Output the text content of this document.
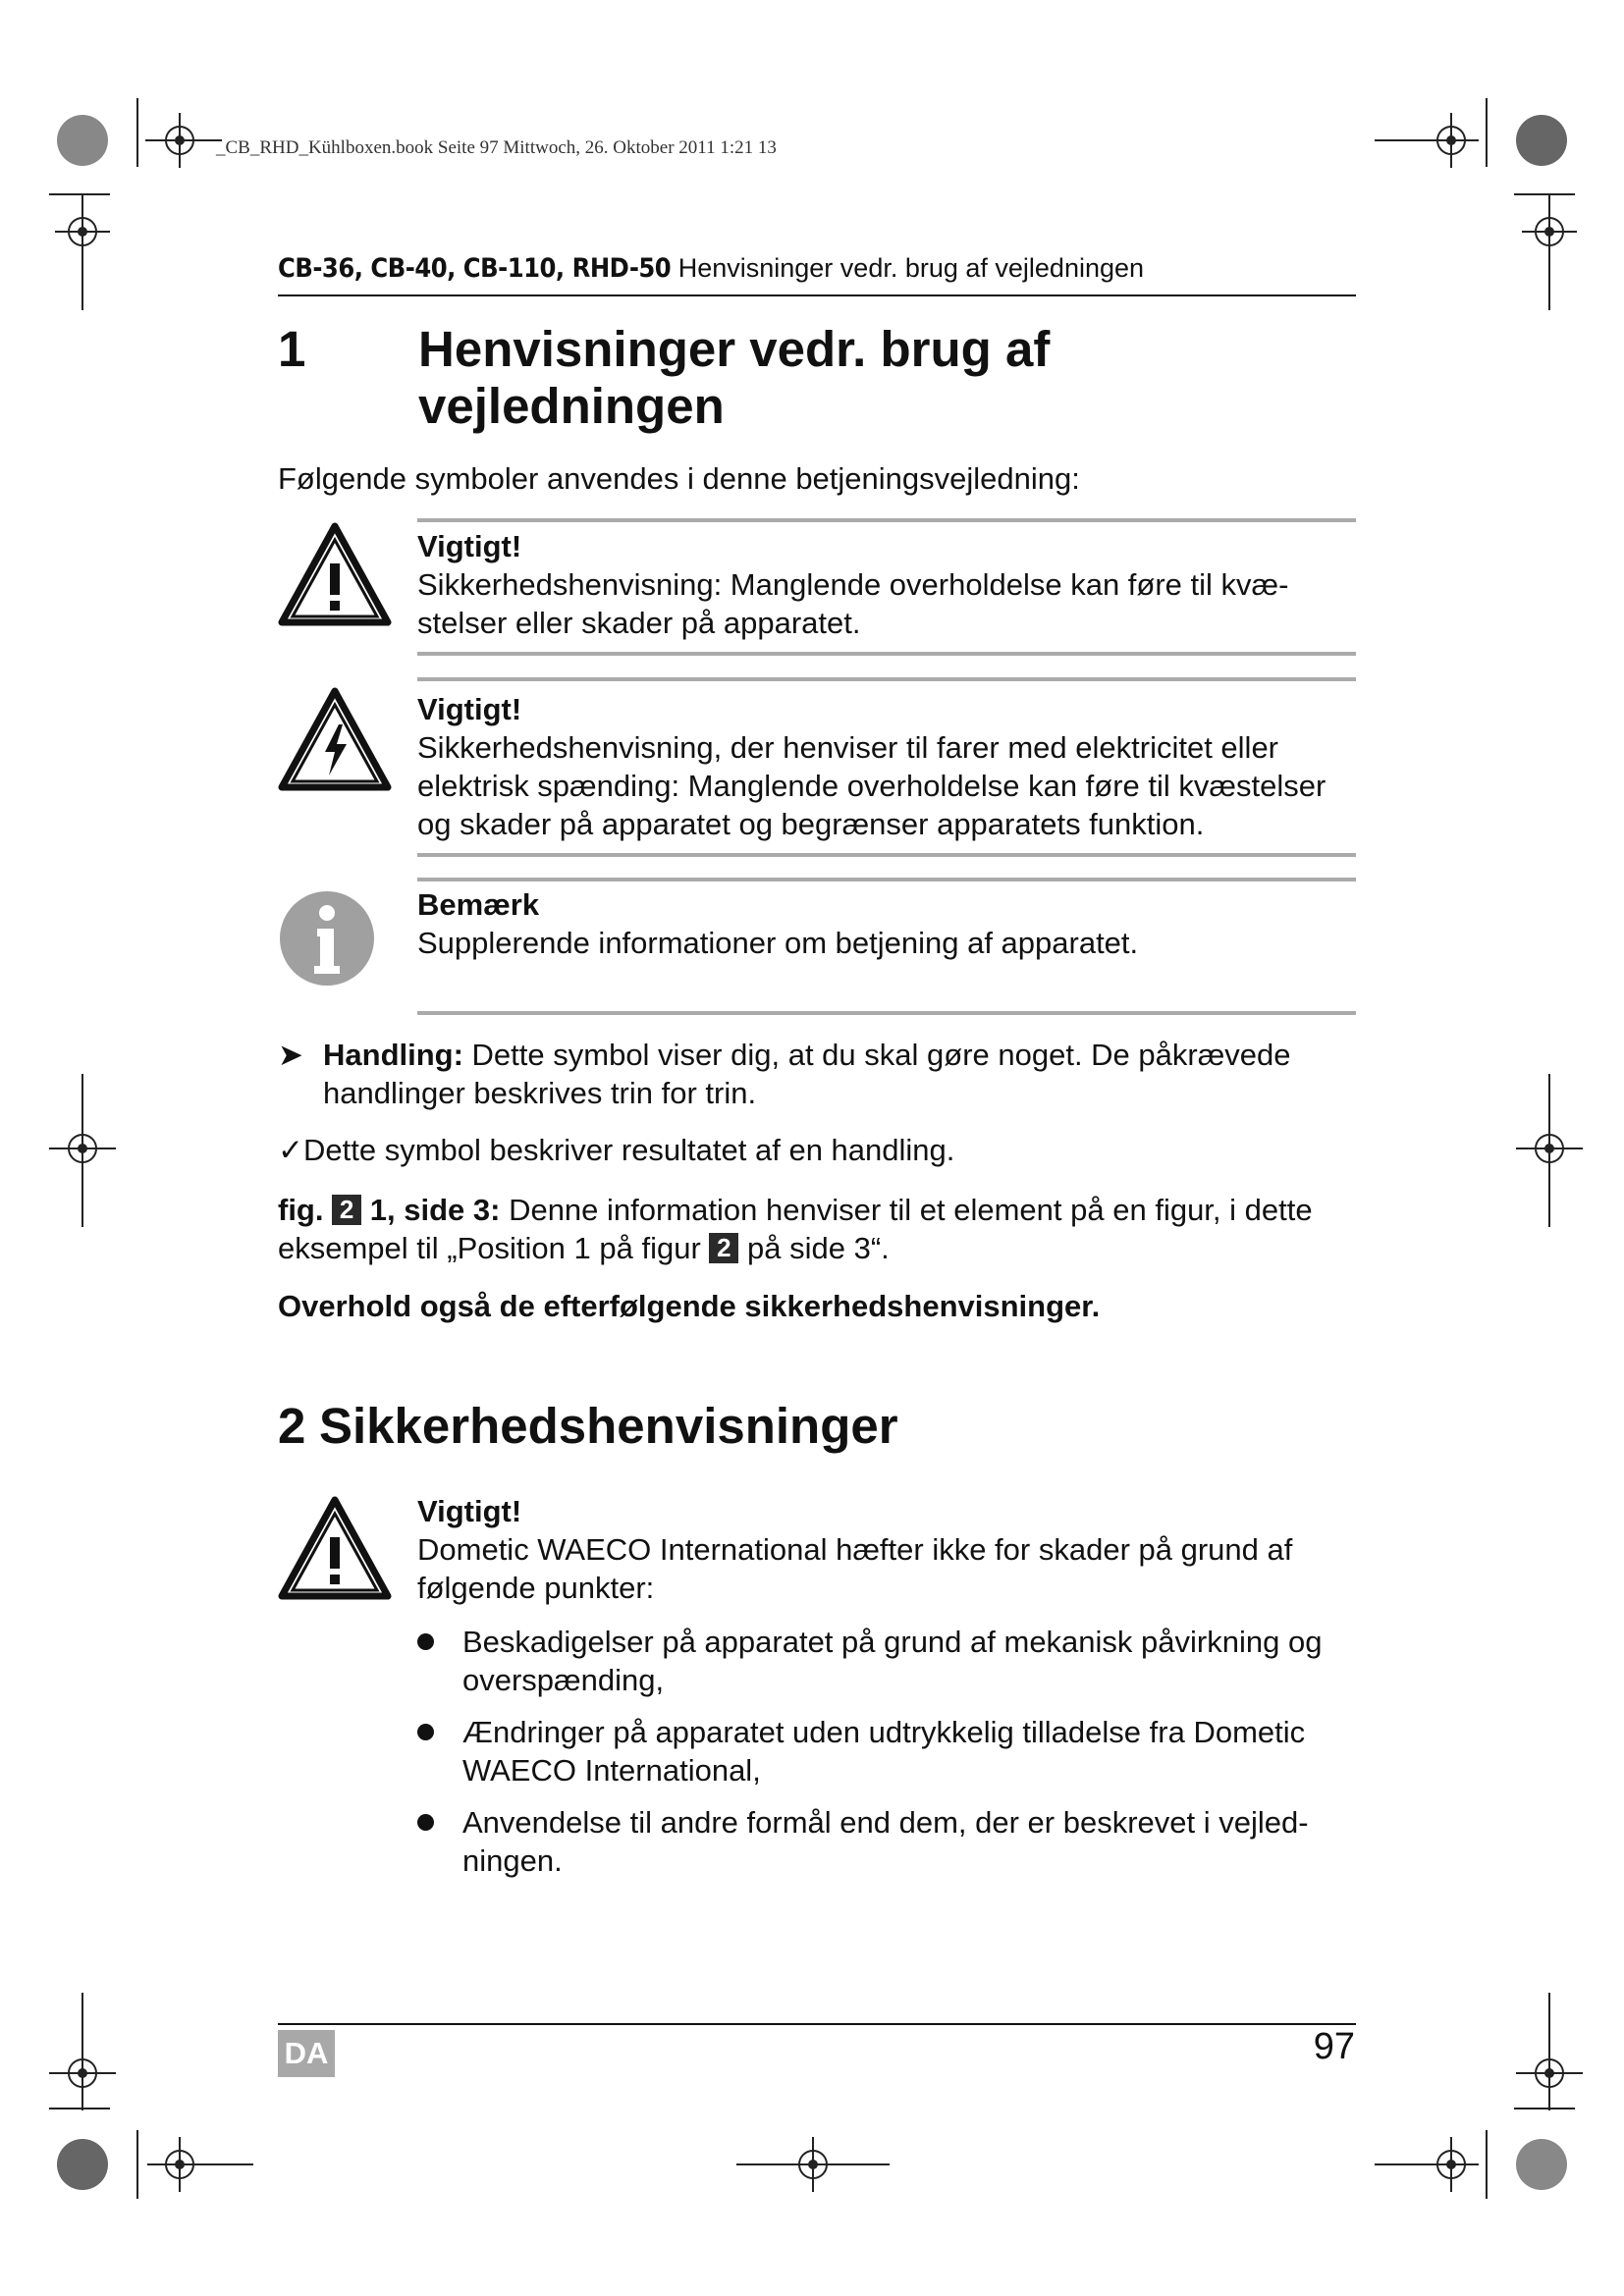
_CB_RHD_Kühlboxen.book Seite 97 Mittwoch, 26. Oktober 2011 1:21 13
CB-36, CB-40, CB-110, RHD-50 Henvisninger vedr. brug af vejledningen
1 Henvisninger vedr. brug af
vejledningen

Følgende symboler anvendes i denne betjeningsvejledning:

Vigtigt!

Sikkerhedshenvisning: Manglende overholdelse kan føre til kvæ-stelser eller skader på apparatet.

Vigtigt!

Sikkerhedshenvisning, der henviser til farer med elektricitet eller elektrisk spænding: Manglende overholdelse kan føre til kvæstelser og skader på apparatet og begrænser apparatets funktion.

Bemærk

Supplerende informationer om betjening af apparatet.

➤ Handling: Dette symbol viser dig, at du skal gøre noget. De påkrævede handlinger beskrives trin for trin.
✓Dette symbol beskriver resultatet af en handling.
fig. 2 1, side 3: Denne information henviser til et element på en figur, i dette eksempel til „Position 1 på figur 2 på side 3“.

Overhold også de efterfølgende sikkerhedshenvisninger.

2 Sikkerhedshenvisninger

Vigtigt!

Dometic WAECO International hæfter ikke for skader på grund af følgende punkter:

Beskadigelser på apparatet på grund af mekanisk påvirkning og overspænding,
Ændringer på apparatet uden udtrykkelig tilladelse fra Dometic WAECO International,
Anvendelse til andre formål end dem, der er beskrevet i vejled-ningen.
DA	97
